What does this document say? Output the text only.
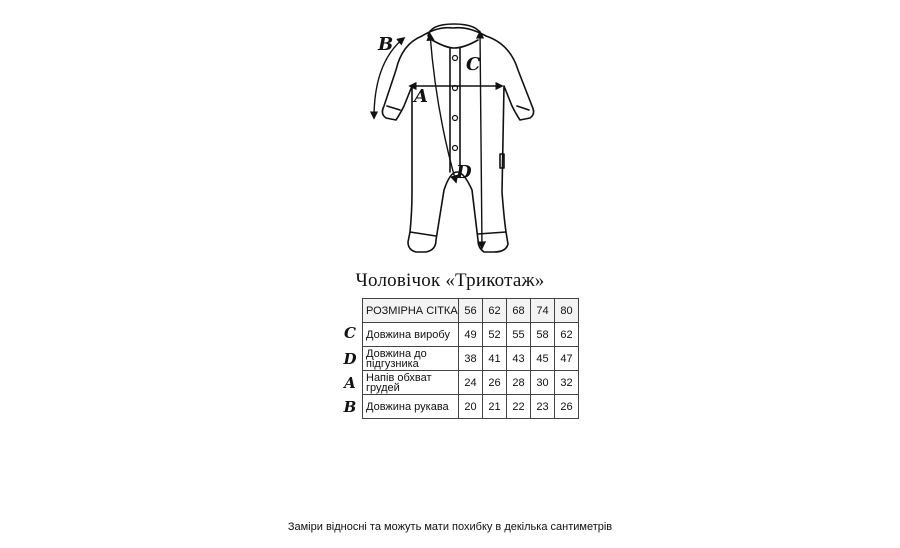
B
A
C
D
Чоловічок «Трикотаж»
C
D
A
B
РОЗМІРНА СІТКА	56	62	68	74	80
Довжина виробу	49	52	55	58	62
Довжина до підгузника	38	41	43	45	47
Напів обхват грудей	24	26	28	30	32
Довжина рукава	20	21	22	23	26
Заміри відносні та можуть мати похибку в декілька сантиметрів
